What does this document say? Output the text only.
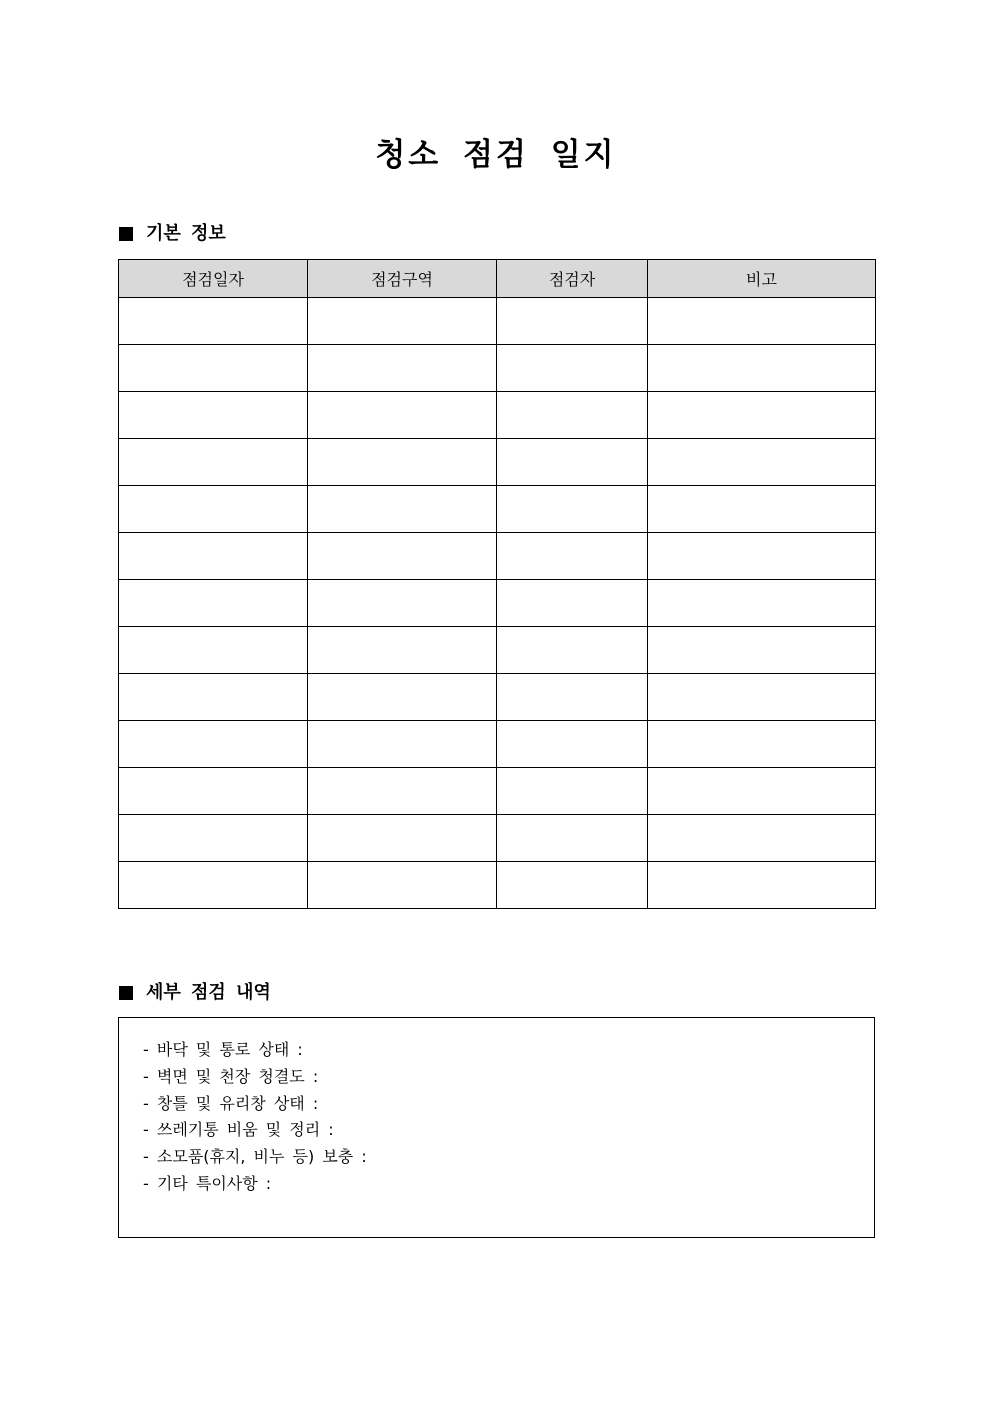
청소 점검 일지
기본 정보
점검일자	점검구역	점검자	비고

세부 점검 내역
- 바닥 및 통로 상태 :
- 벽면 및 천장 청결도 :
- 창틀 및 유리창 상태 :
- 쓰레기통 비움 및 정리 :
- 소모품(휴지, 비누 등) 보충 :
- 기타 특이사항 :
